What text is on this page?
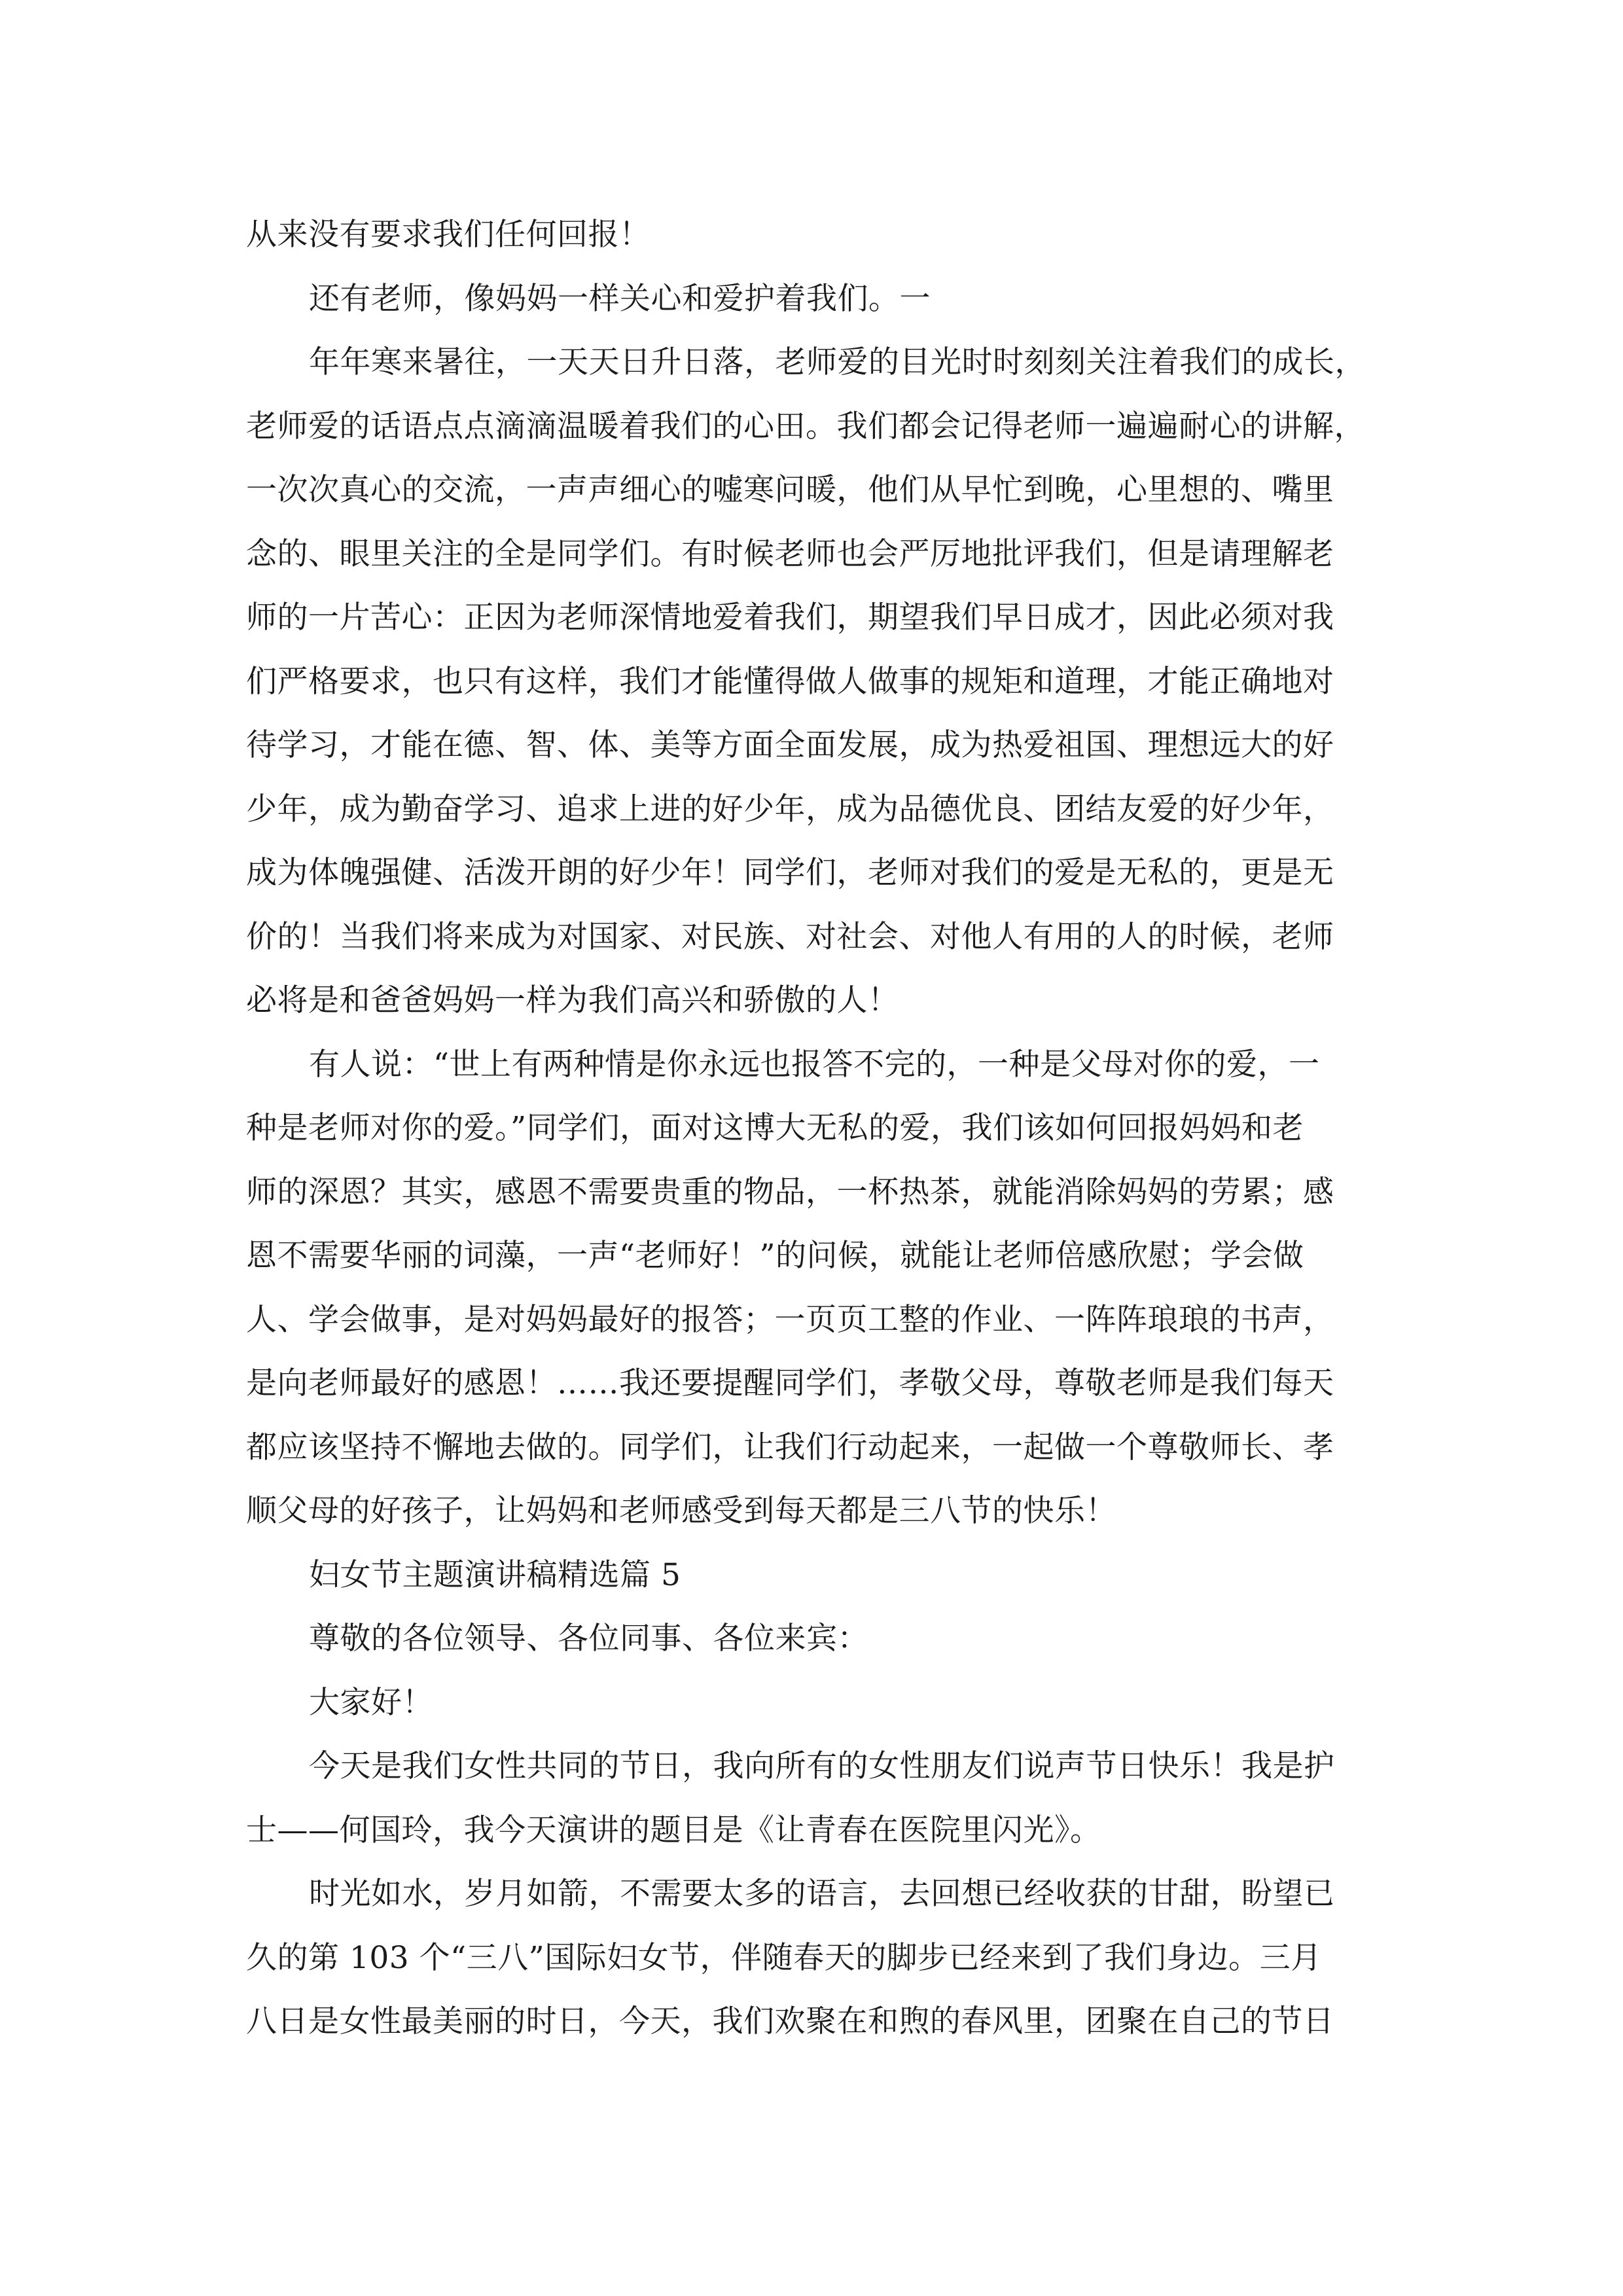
从来没有要求我们任何回报！
还有老师，像妈妈一样关心和爱护着我们。一
年年寒来暑往，一天天日升日落，老师爱的目光时时刻刻关注着我们的成长，
老师爱的话语点点滴滴温暖着我们的心田。我们都会记得老师一遍遍耐心的讲解，
一次次真心的交流，一声声细心的嘘寒问暖，他们从早忙到晚，心里想的、嘴里
念的、眼里关注的全是同学们。有时候老师也会严厉地批评我们，但是请理解老
师的一片苦心：正因为老师深情地爱着我们，期望我们早日成才，因此必须对我
们严格要求，也只有这样，我们才能懂得做人做事的规矩和道理，才能正确地对
待学习，才能在德、智、体、美等方面全面发展，成为热爱祖国、理想远大的好
少年，成为勤奋学习、追求上进的好少年，成为品德优良、团结友爱的好少年，
成为体魄强健、活泼开朗的好少年！同学们，老师对我们的爱是无私的，更是无
价的！当我们将来成为对国家、对民族、对社会、对他人有用的人的时候，老师
必将是和爸爸妈妈一样为我们高兴和骄傲的人！
有人说：“世上有两种情是你永远也报答不完的，一种是父母对你的爱，一
种是老师对你的爱。”同学们，面对这博大无私的爱，我们该如何回报妈妈和老
师的深恩？其实，感恩不需要贵重的物品，一杯热茶，就能消除妈妈的劳累；感
恩不需要华丽的词藻，一声“老师好！”的问候，就能让老师倍感欣慰；学会做
人、学会做事，是对妈妈最好的报答；一页页工整的作业、一阵阵琅琅的书声，
是向老师最好的感恩！……我还要提醒同学们，孝敬父母，尊敬老师是我们每天
都应该坚持不懈地去做的。同学们，让我们行动起来，一起做一个尊敬师长、孝
顺父母的好孩子，让妈妈和老师感受到每天都是三八节的快乐！
妇女节主题演讲稿精选篇 5
尊敬的各位领导、各位同事、各位来宾：
大家好！
今天是我们女性共同的节日，我向所有的女性朋友们说声节日快乐！我是护
士——何国玲，我今天演讲的题目是《让青春在医院里闪光》。
时光如水，岁月如箭，不需要太多的语言，去回想已经收获的甘甜，盼望已
久的第 103 个“三八”国际妇女节，伴随春天的脚步已经来到了我们身边。三月
八日是女性最美丽的时日，今天，我们欢聚在和煦的春风里，团聚在自己的节日
